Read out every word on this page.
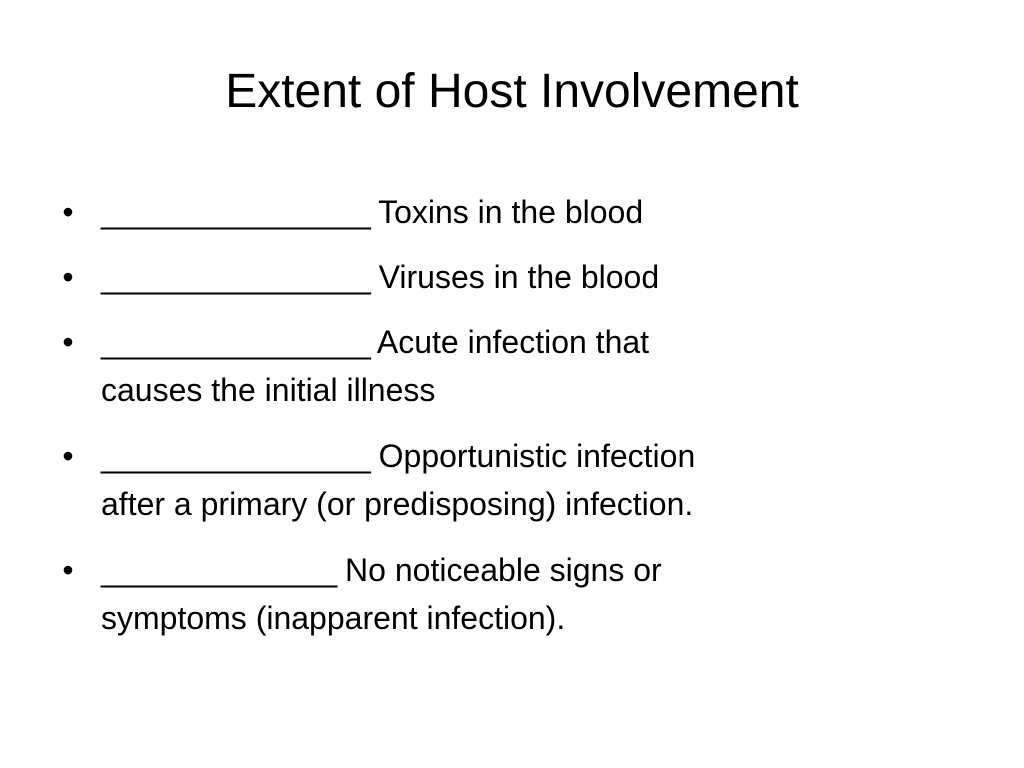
Extent of Host Involvement
• ________________ Toxins in the blood
• ________________ Viruses in the blood
• ________________ Acute infection that
causes the initial illness
• ________________ Opportunistic infection
after a primary (or predisposing) infection.
• ______________ No noticeable signs or
symptoms (inapparent infection).
